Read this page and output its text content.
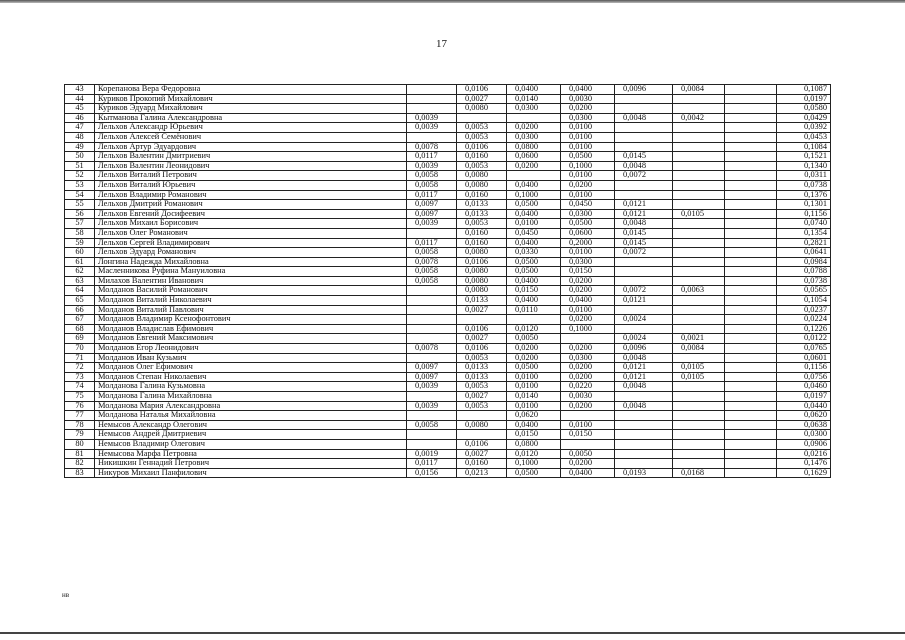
17
43	Корепанова Вера Федоровна		0,0106	0,0400	0,0400	0,0096	0,0084		0,1087
44	Куриков Прокопий Михайлович		0,0027	0,0140	0,0030				0,0197
45	Куриков Эдуард Михайлович		0,0080	0,0300	0,0200				0,0580
46	Кытманова Галина Александровна	0,0039			0,0300	0,0048	0,0042		0,0429
47	Лельхов Александр Юрьевич	0,0039	0,0053	0,0200	0,0100				0,0392
48	Лельхов Алексей Семёнович		0,0053	0,0300	0,0100				0,0453
49	Лельхов Артур Эдуардович	0,0078	0,0106	0,0800	0,0100				0,1084
50	Лельхов Валентин Дмитриевич	0,0117	0,0160	0,0600	0,0500	0,0145			0,1521
51	Лельхов Валентин Леонидович	0,0039	0,0053	0,0200	0,1000	0,0048			0,1340
52	Лельхов Виталий Петрович	0,0058	0,0080		0,0100	0,0072			0,0311
53	Лельхов Виталий Юрьевич	0,0058	0,0080	0,0400	0,0200				0,0738
54	Лельхов Владимир Романович	0,0117	0,0160	0,1000	0,0100				0,1376
55	Лельхов Дмитрий Романович	0,0097	0,0133	0,0500	0,0450	0,0121			0,1301
56	Лельхов Евгений Досифеевич	0,0097	0,0133	0,0400	0,0300	0,0121	0,0105		0,1156
57	Лельхов Михаил Борисович	0,0039	0,0053	0,0100	0,0500	0,0048			0,0740
58	Лельхов Олег Романович		0,0160	0,0450	0,0600	0,0145			0,1354
59	Лельхов Сергей Владимирович	0,0117	0,0160	0,0400	0,2000	0,0145			0,2821
60	Лельхов Эдуард Романович	0,0058	0,0080	0,0330	0,0100	0,0072			0,0641
61	Лонгина Надежда Михайловна	0,0078	0,0106	0,0500	0,0300				0,0984
62	Масленникова Руфина Мануиловна	0,0058	0,0080	0,0500	0,0150				0,0788
63	Милахов Валентин Иванович	0,0058	0,0080	0,0400	0,0200				0,0738
64	Молданов Василий Романович		0,0080	0,0150	0,0200	0,0072	0,0063		0,0565
65	Молданов Виталий Николаевич		0,0133	0,0400	0,0400	0,0121			0,1054
66	Молданов Виталий Павлович		0,0027	0,0110	0,0100				0,0237
67	Молданов Владимир Ксенофонтович				0,0200	0,0024			0,0224
68	Молданов Владислав Ефимович		0,0106	0,0120	0,1000				0,1226
69	Молданов Евгений Максимович		0,0027	0,0050		0,0024	0,0021		0,0122
70	Молданов Егор Леонидович	0,0078	0,0106	0,0200	0,0200	0,0096	0,0084		0,0765
71	Молданов Иван Кузьмич		0,0053	0,0200	0,0300	0,0048			0,0601
72	Молданов Олег Ефимович	0,0097	0,0133	0,0500	0,0200	0,0121	0,0105		0,1156
73	Молданов Степан Николаевич	0,0097	0,0133	0,0100	0,0200	0,0121	0,0105		0,0756
74	Молданова Галина Кузьмовна	0,0039	0,0053	0,0100	0,0220	0,0048			0,0460
75	Молданова Галина Михайловна		0,0027	0,0140	0,0030				0,0197
76	Молданова Мария Александровна	0,0039	0,0053	0,0100	0,0200	0,0048			0,0440
77	Молданова Наталья Михайловна			0,0620					0,0620
78	Немысов Александр Олегович	0,0058	0,0080	0,0400	0,0100				0,0638
79	Немысов Андрей Дмитриевич			0,0150	0,0150				0,0300
80	Немысов Владимир Олегович		0,0106	0,0800					0,0906
81	Немысова Марфа Петровна	0,0019	0,0027	0,0120	0,0050				0,0216
82	Никишкин Геннадий Петрович	0,0117	0,0160	0,1000	0,0200				0,1476
83	Никуров Михаил Панфилович	0,0156	0,0213	0,0500	0,0400	0,0193	0,0168		0,1629
нв
